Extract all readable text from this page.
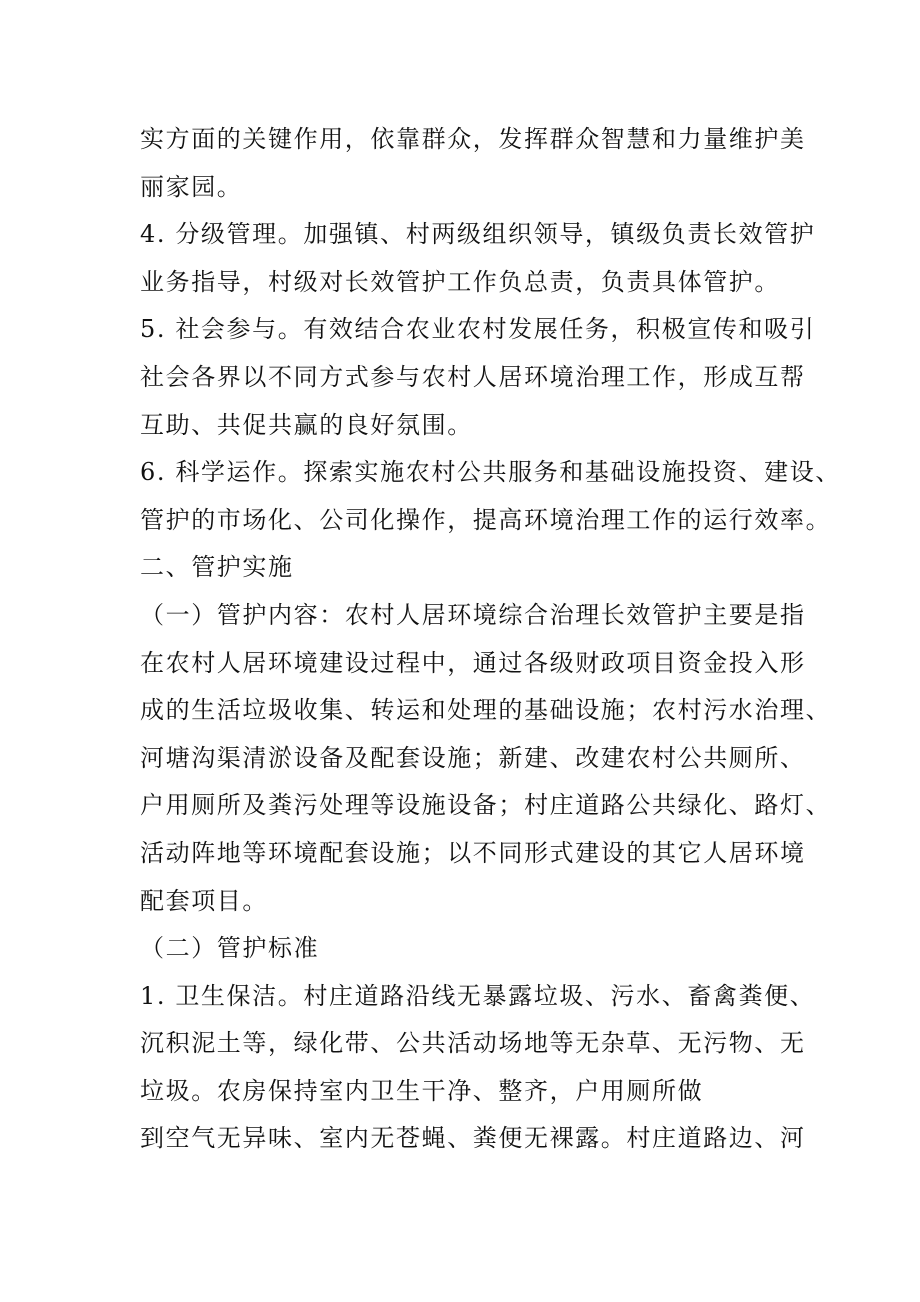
实方面的关键作用，依靠群众，发挥群众智慧和力量维护美
丽家园。
4. 分级管理。加强镇、村两级组织领导，镇级负责长效管护
业务指导，村级对长效管护工作负总责，负责具体管护。
5. 社会参与。有效结合农业农村发展任务，积极宣传和吸引
社会各界以不同方式参与农村人居环境治理工作，形成互帮
互助、共促共赢的良好氛围。
6. 科学运作。探索实施农村公共服务和基础设施投资、建设、
管护的市场化、公司化操作，提高环境治理工作的运行效率。
二、管护实施
（一）管护内容：农村人居环境综合治理长效管护主要是指
在农村人居环境建设过程中，通过各级财政项目资金投入形
成的生活垃圾收集、转运和处理的基础设施；农村污水治理、
河塘沟渠清淤设备及配套设施；新建、改建农村公共厕所、
户用厕所及粪污处理等设施设备；村庄道路公共绿化、路灯、
活动阵地等环境配套设施；以不同形式建设的其它人居环境
配套项目。
（二）管护标准
1. 卫生保洁。村庄道路沿线无暴露垃圾、污水、畜禽粪便、
沉积泥土等，绿化带、公共活动场地等无杂草、无污物、无
垃圾。农房保持室内卫生干净、整齐，户用厕所做
到空气无异味、室内无苍蝇、粪便无裸露。村庄道路边、河
